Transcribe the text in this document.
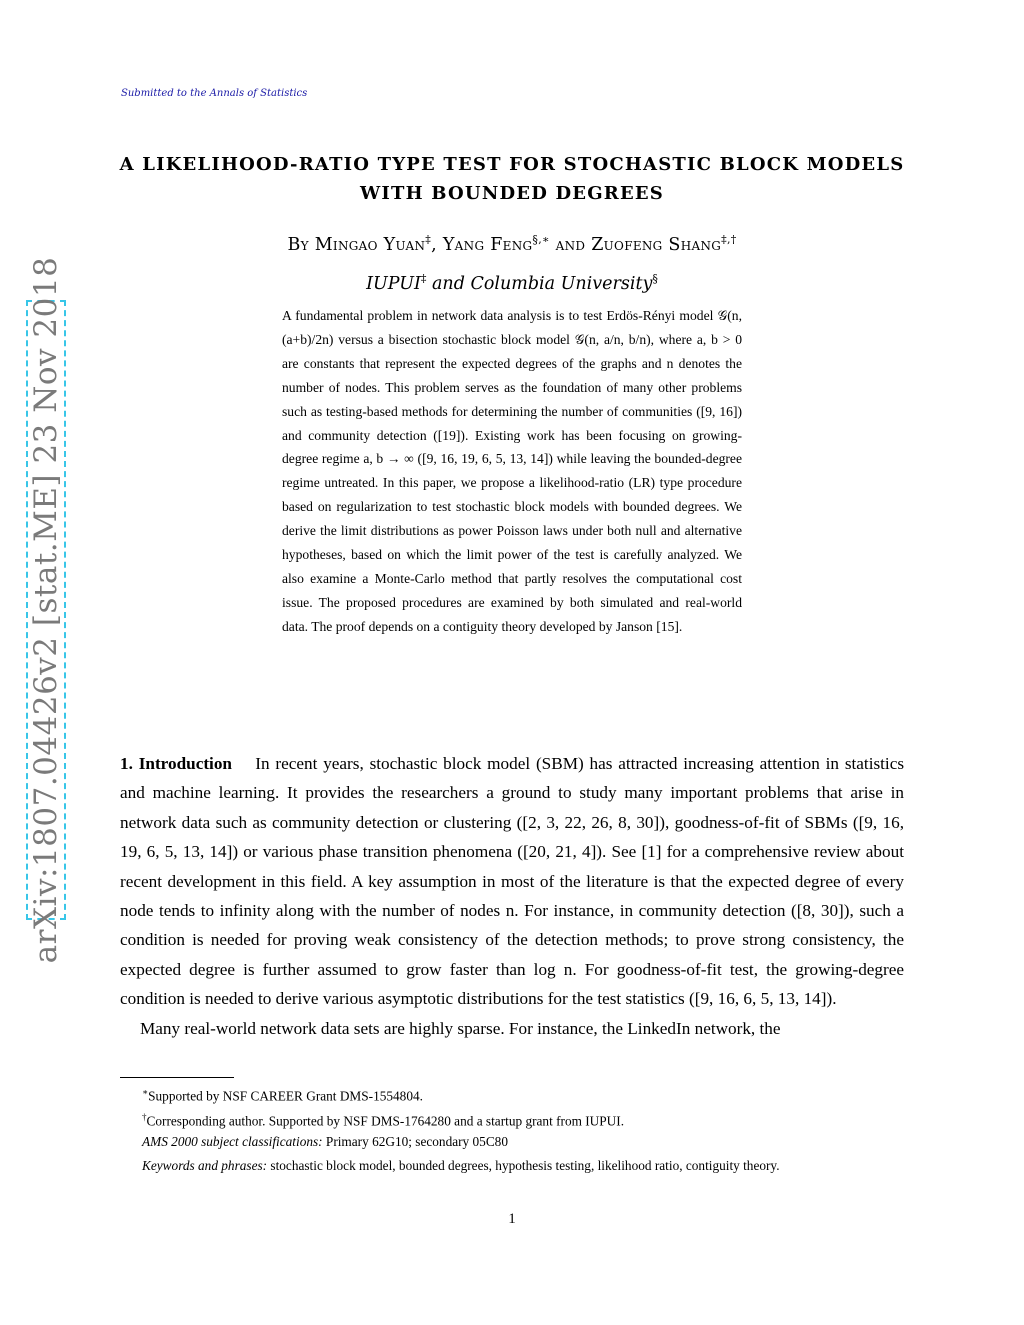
Submitted to the Annals of Statistics
arXiv:1807.04426v2 [stat.ME] 23 Nov 2018
A LIKELIHOOD-RATIO TYPE TEST FOR STOCHASTIC BLOCK MODELS
WITH BOUNDED DEGREES
By Mingao Yuan‡, Yang Feng§,∗ and Zuofeng Shang‡,†
IUPUI‡ and Columbia University§
A fundamental problem in network data analysis is to test Erdös-Rényi model 𝒢(n, (a+b)/2n) versus a bisection stochastic block model 𝒢(n, a/n, b/n), where a, b > 0 are constants that represent the expected degrees of the graphs and n denotes the number of nodes. This problem serves as the foundation of many other problems such as testing-based methods for determining the number of communities ([9, 16]) and community detection ([19]). Existing work has been focusing on growing-degree regime a, b → ∞ ([9, 16, 19, 6, 5, 13, 14]) while leaving the bounded-degree regime untreated. In this paper, we propose a likelihood-ratio (LR) type procedure based on regularization to test stochastic block models with bounded degrees. We derive the limit distributions as power Poisson laws under both null and alternative hypotheses, based on which the limit power of the test is carefully analyzed. We also examine a Monte-Carlo method that partly resolves the computational cost issue. The proposed procedures are examined by both simulated and real-world data. The proof depends on a contiguity theory developed by Janson [15].

1. Introduction In recent years, stochastic block model (SBM) has attracted increasing attention in statistics and machine learning. It provides the researchers a ground to study many important problems that arise in network data such as community detection or clustering ([2, 3, 22, 26, 8, 30]), goodness-of-fit of SBMs ([9, 16, 19, 6, 5, 13, 14]) or various phase transition phenomena ([20, 21, 4]). See [1] for a comprehensive review about recent development in this field. A key assumption in most of the literature is that the expected degree of every node tends to infinity along with the number of nodes n. For instance, in community detection ([8, 30]), such a condition is needed for proving weak consistency of the detection methods; to prove strong consistency, the expected degree is further assumed to grow faster than log n. For goodness-of-fit test, the growing-degree condition is needed to derive various asymptotic distributions for the test statistics ([9, 16, 6, 5, 13, 14]).

Many real-world network data sets are highly sparse. For instance, the LinkedIn network, the

∗Supported by NSF CAREER Grant DMS-1554804.

†Corresponding author. Supported by NSF DMS-1764280 and a startup grant from IUPUI.

AMS 2000 subject classifications: Primary 62G10; secondary 05C80

Keywords and phrases: stochastic block model, bounded degrees, hypothesis testing, likelihood ratio, contiguity theory.

1
